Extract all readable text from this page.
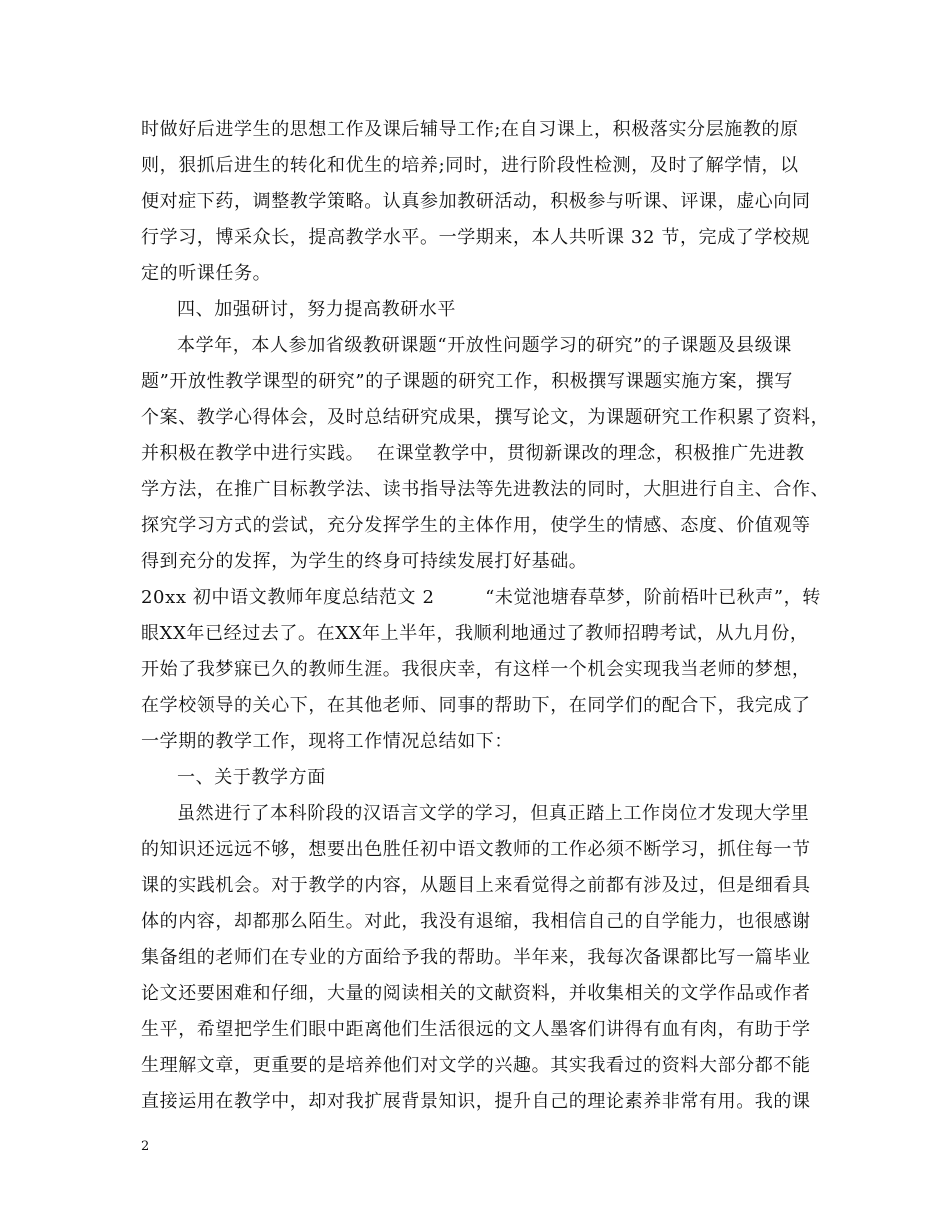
时做好后进学生的思想工作及课后辅导工作;在自习课上，积极落实分层施教的原
则，狠抓后进生的转化和优生的培养;同时，进行阶段性检测，及时了解学情，以
便对症下药，调整教学策略。认真参加教研活动，积极参与听课、评课，虚心向同
行学习，博采众长，提高教学水平。一学期来，本人共听课 32 节，完成了学校规
定的听课任务。
四、加强研讨，努力提高教研水平
本学年，本人参加省级教研课题“开放性问题学习的研究”的子课题及县级课
题”开放性教学课型的研究”的子课题的研究工作，积极撰写课题实施方案，撰写
个案、教学心得体会，及时总结研究成果，撰写论文，为课题研究工作积累了资料，
并积极在教学中进行实践。  在课堂教学中，贯彻新课改的理念，积极推广先进教
学方法，在推广目标教学法、读书指导法等先进教法的同时，大胆进行自主、合作、
探究学习方式的尝试，充分发挥学生的主体作用，使学生的情感、态度、价值观等
得到充分的发挥，为学生的终身可持续发展打好基础。
20xx 初中语文教师年度总结范文 2        “未觉池塘春草梦，阶前梧叶已秋声”，转
眼XX年已经过去了。在XX年上半年，我顺利地通过了教师招聘考试，从九月份，
开始了我梦寐已久的教师生涯。我很庆幸，有这样一个机会实现我当老师的梦想，
在学校领导的关心下，在其他老师、同事的帮助下，在同学们的配合下，我完成了
一学期的教学工作，现将工作情况总结如下：
一、关于教学方面
虽然进行了本科阶段的汉语言文学的学习，但真正踏上工作岗位才发现大学里
的知识还远远不够，想要出色胜任初中语文教师的工作必须不断学习，抓住每一节
课的实践机会。对于教学的内容，从题目上来看觉得之前都有涉及过，但是细看具
体的内容，却都那么陌生。对此，我没有退缩，我相信自己的自学能力，也很感谢
集备组的老师们在专业的方面给予我的帮助。半年来，我每次备课都比写一篇毕业
论文还要困难和仔细，大量的阅读相关的文献资料，并收集相关的文学作品或作者
生平，希望把学生们眼中距离他们生活很远的文人墨客们讲得有血有肉，有助于学
生理解文章，更重要的是培养他们对文学的兴趣。其实我看过的资料大部分都不能
直接运用在教学中，却对我扩展背景知识，提升自己的理论素养非常有用。我的课
2
